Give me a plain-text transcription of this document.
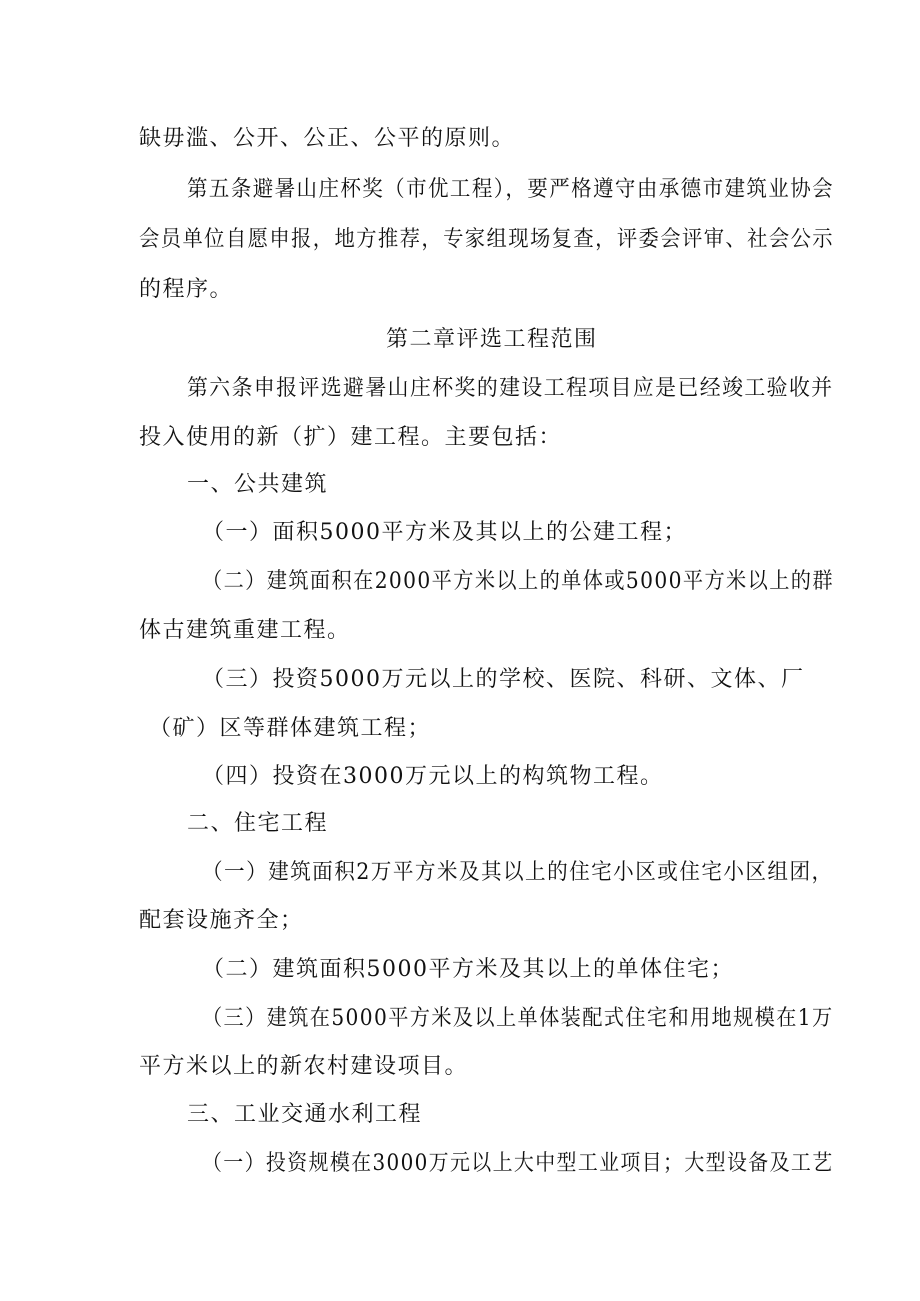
缺毋滥、公开、公正、公平的原则。
第五条避暑山庄杯奖（市优工程），要严格遵守由承德市建筑业协会
会员单位自愿申报，地方推荐，专家组现场复查，评委会评审、社会公示
的程序。
第二章评选工程范围
第六条申报评选避暑山庄杯奖的建设工程项目应是已经竣工验收并
投入使用的新（扩）建工程。主要包括：
一、公共建筑
（一）面积5000平方米及其以上的公建工程；
（二）建筑面积在2000平方米以上的单体或5000平方米以上的群
体古建筑重建工程。
（三）投资5000万元以上的学校、医院、科研、文体、厂
（矿）区等群体建筑工程；
（四）投资在3000万元以上的构筑物工程。
二、住宅工程
（一）建筑面积2万平方米及其以上的住宅小区或住宅小区组团，
配套设施齐全；
（二）建筑面积5000平方米及其以上的单体住宅；
（三）建筑在5000平方米及以上单体装配式住宅和用地规模在1万
平方米以上的新农村建设项目。
三、工业交通水利工程
（一）投资规模在3000万元以上大中型工业项目；大型设备及工艺
